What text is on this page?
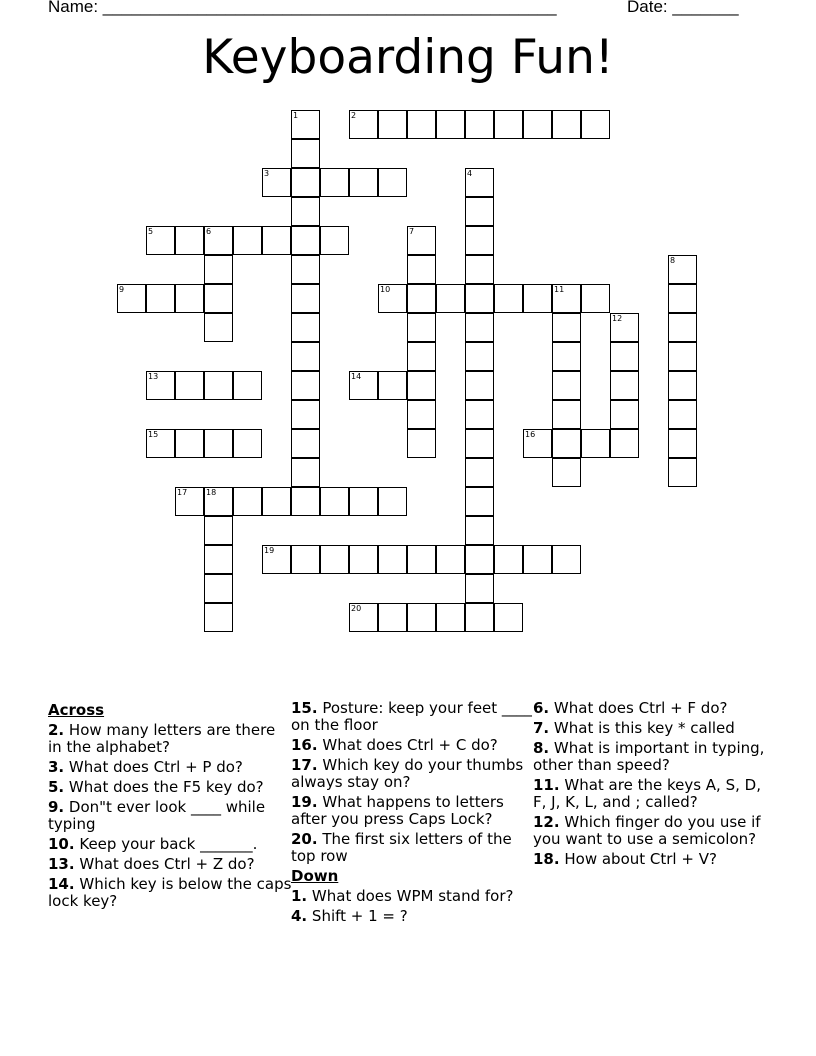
Name: ________________________________________________	Date: _______
Keyboarding Fun!
1	2
3	4
5	6	7
8
9	10	11
12
13	14
15	16
17 18
19
20
Across
2. How many letters are there in the alphabet?
3. What does Ctrl + P do?
5. What does the F5 key do?
9. Don"t ever look ____ while typing
10. Keep your back _______.
13. What does Ctrl + Z do?
14. Which key is below the caps lock key?
15. Posture: keep your feet ____ on the floor
16. What does Ctrl + C do?
17. Which key do your thumbs always stay on?
19. What happens to letters after you press Caps Lock?
20. The first six letters of the top row
Down
1. What does WPM stand for?
4. Shift + 1 = ?
6. What does Ctrl + F do?
7. What is this key * called
8. What is important in typing, other than speed?
11. What are the keys A, S, D, F, J, K, L, and ; called?
12. Which finger do you use if you want to use a semicolon?
18. How about Ctrl + V?
